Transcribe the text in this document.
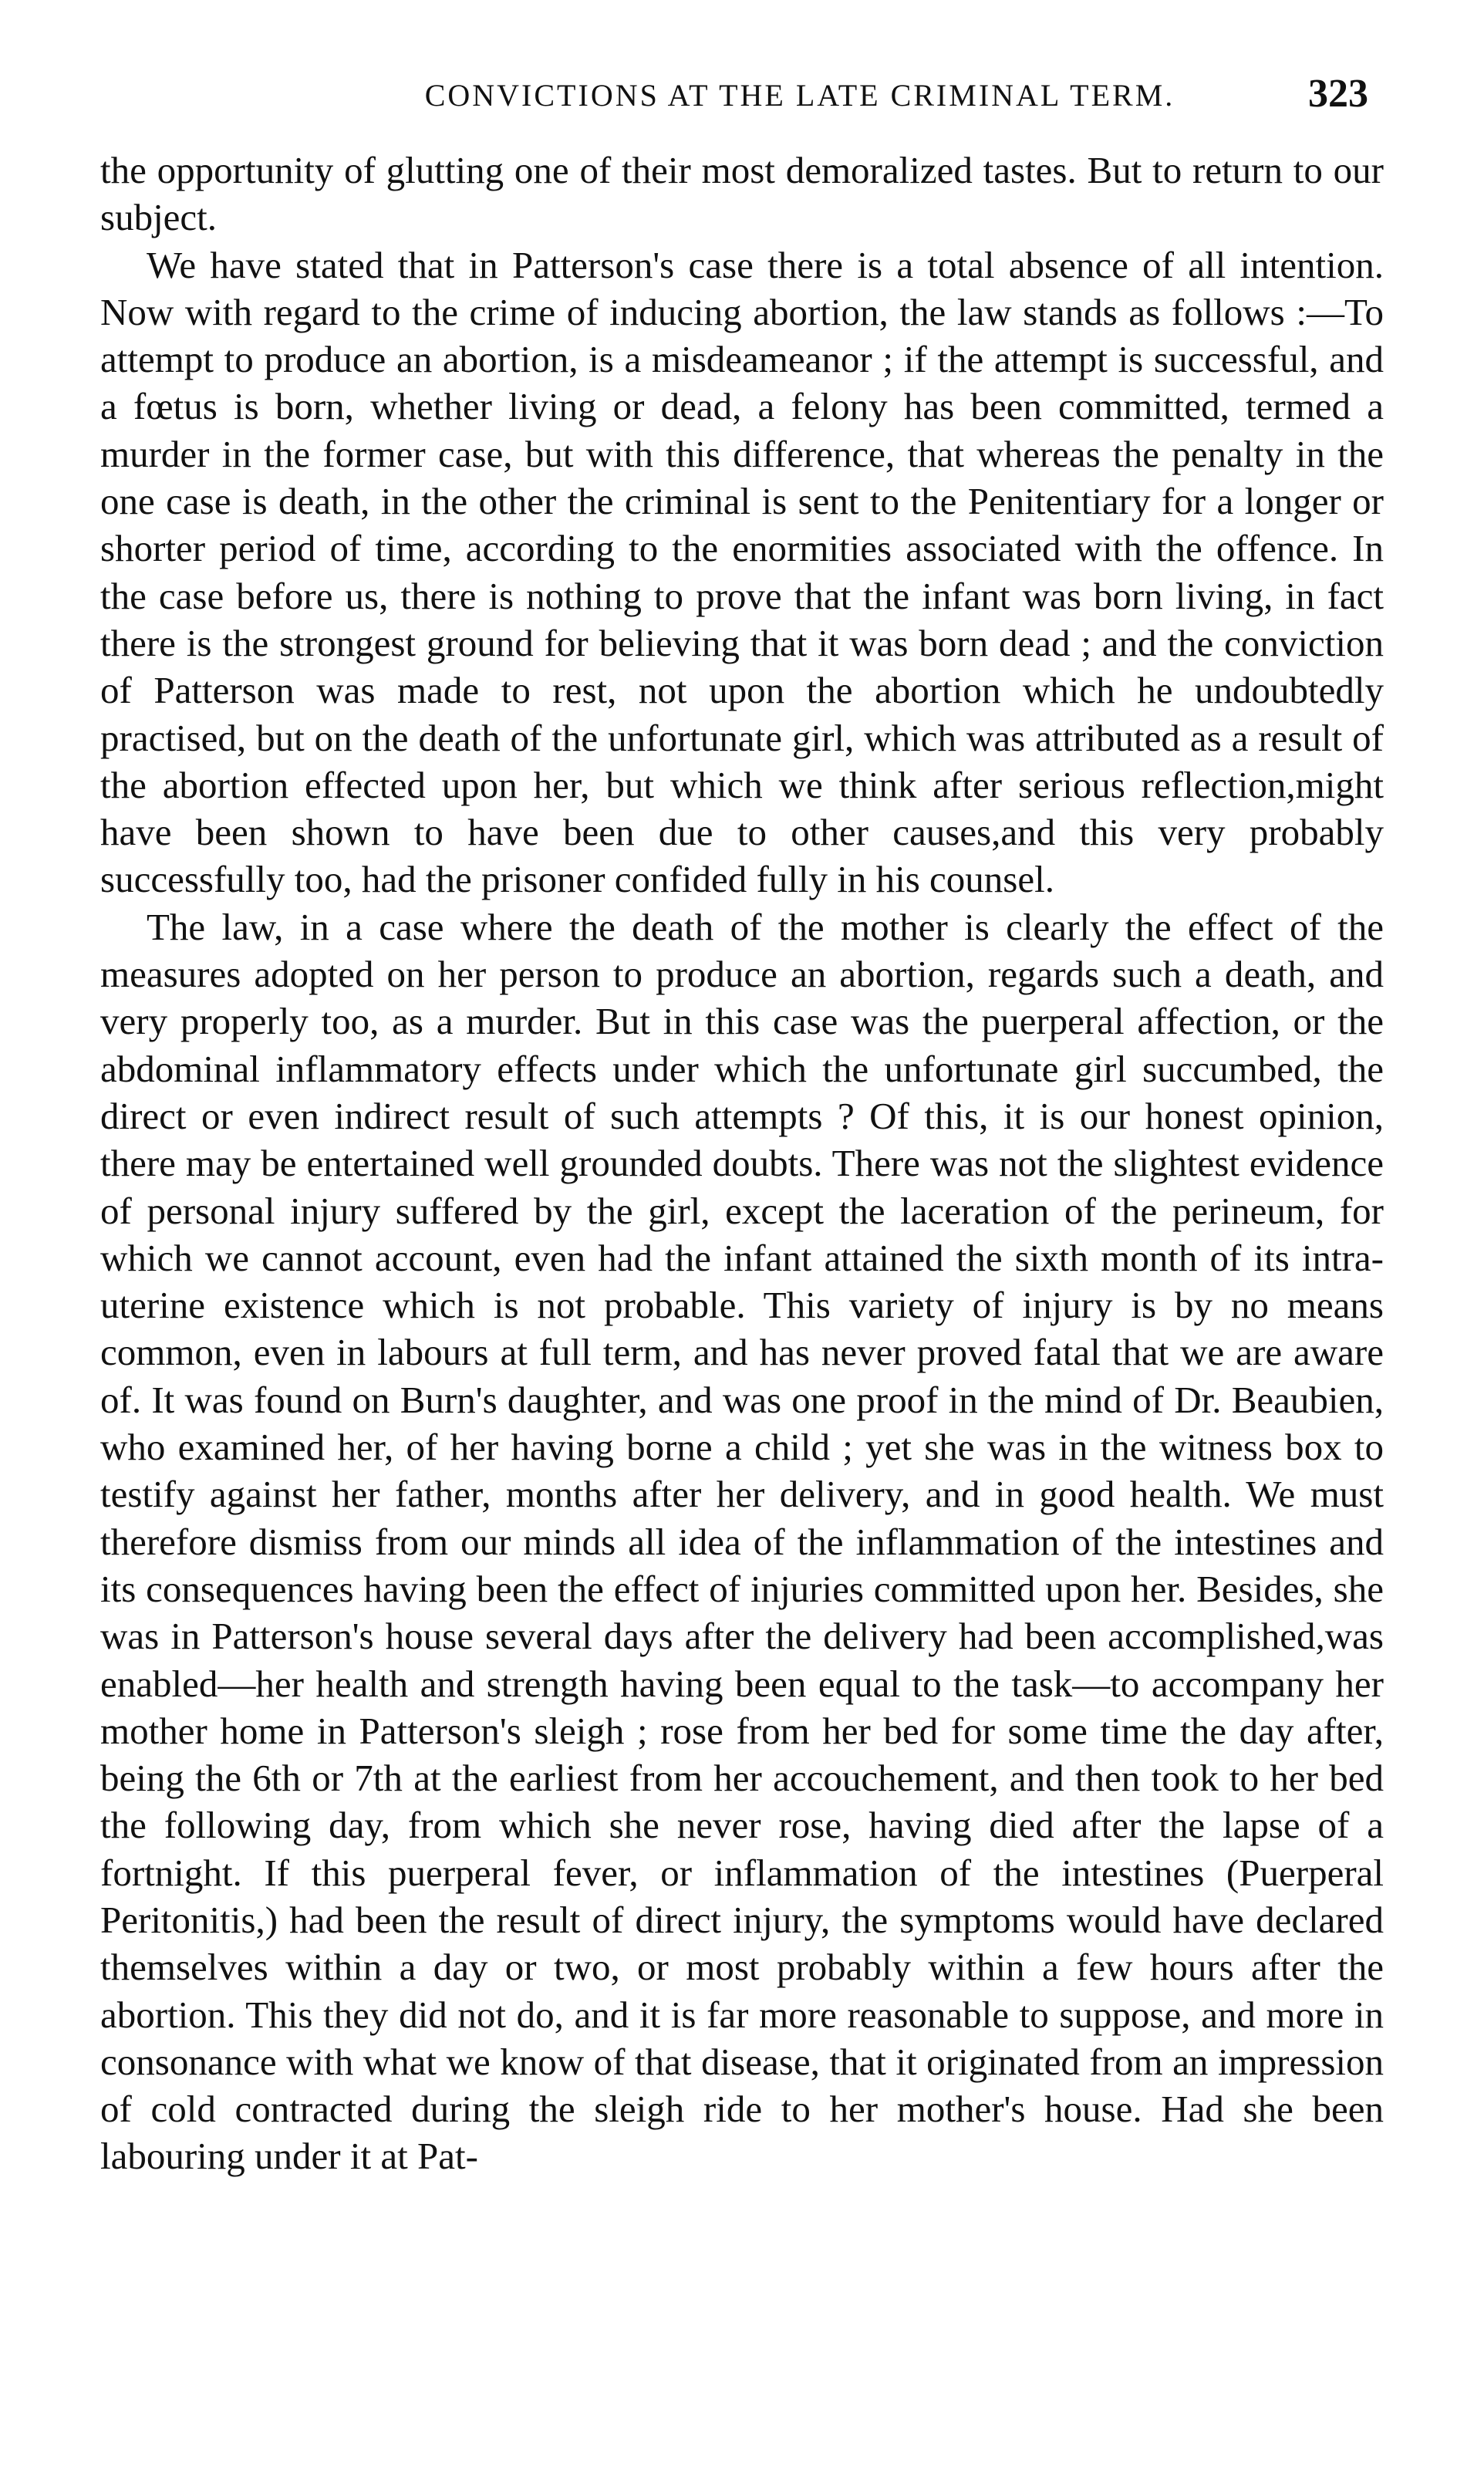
CONVICTIONS AT THE LATE CRIMINAL TERM.	323

the opportunity of glutting one of their most demoralized tastes. But to return to our subject.

We have stated that in Patterson's case there is a total absence of all intention. Now with regard to the crime of inducing abortion, the law stands as follows :—To attempt to produce an abortion, is a misdeameanor ; if the attempt is successful, and a fœtus is born, whether living or dead, a felony has been committed, termed a murder in the former case, but with this difference, that whereas the penalty in the one case is death, in the other the criminal is sent to the Penitentiary for a longer or shorter period of time, according to the enormities associated with the offence. In the case before us, there is nothing to prove that the infant was born living, in fact there is the strongest ground for believing that it was born dead ; and the conviction of Patterson was made to rest, not upon the abortion which he undoubtedly practised, but on the death of the unfortunate girl, which was attributed as a result of the abortion effected upon her, but which we think after serious reflection,might have been shown to have been due to other causes,and this very probably successfully too, had the prisoner confided fully in his counsel.

The law, in a case where the death of the mother is clearly the effect of the measures adopted on her person to produce an abortion, regards such a death, and very properly too, as a murder. But in this case was the puerperal affection, or the abdominal inflammatory effects under which the unfortunate girl succumbed, the direct or even indirect result of such attempts ? Of this, it is our honest opinion, there may be entertained well grounded doubts. There was not the slightest evidence of personal injury suffered by the girl, except the laceration of the perineum, for which we cannot account, even had the infant attained the sixth month of its intra-uterine existence which is not probable. This variety of injury is by no means common, even in labours at full term, and has never proved fatal that we are aware of. It was found on Burn's daughter, and was one proof in the mind of Dr. Beaubien, who examined her, of her having borne a child ; yet she was in the witness box to testify against her father, months after her delivery, and in good health. We must therefore dismiss from our minds all idea of the inflammation of the intestines and its consequences having been the effect of injuries committed upon her. Besides, she was in Patterson's house several days after the delivery had been accomplished,was enabled—her health and strength having been equal to the task—to accompany her mother home in Patterson's sleigh ; rose from her bed for some time the day after, being the 6th or 7th at the earliest from her accouchement, and then took to her bed the following day, from which she never rose, having died after the lapse of a fortnight. If this puerperal fever, or inflammation of the intestines (Puerperal Peritonitis,) had been the result of direct injury, the symptoms would have declared themselves within a day or two, or most probably within a few hours after the abortion. This they did not do, and it is far more reasonable to suppose, and more in consonance with what we know of that disease, that it originated from an impression of cold contracted during the sleigh ride to her mother's house. Had she been labouring under it at Pat-
